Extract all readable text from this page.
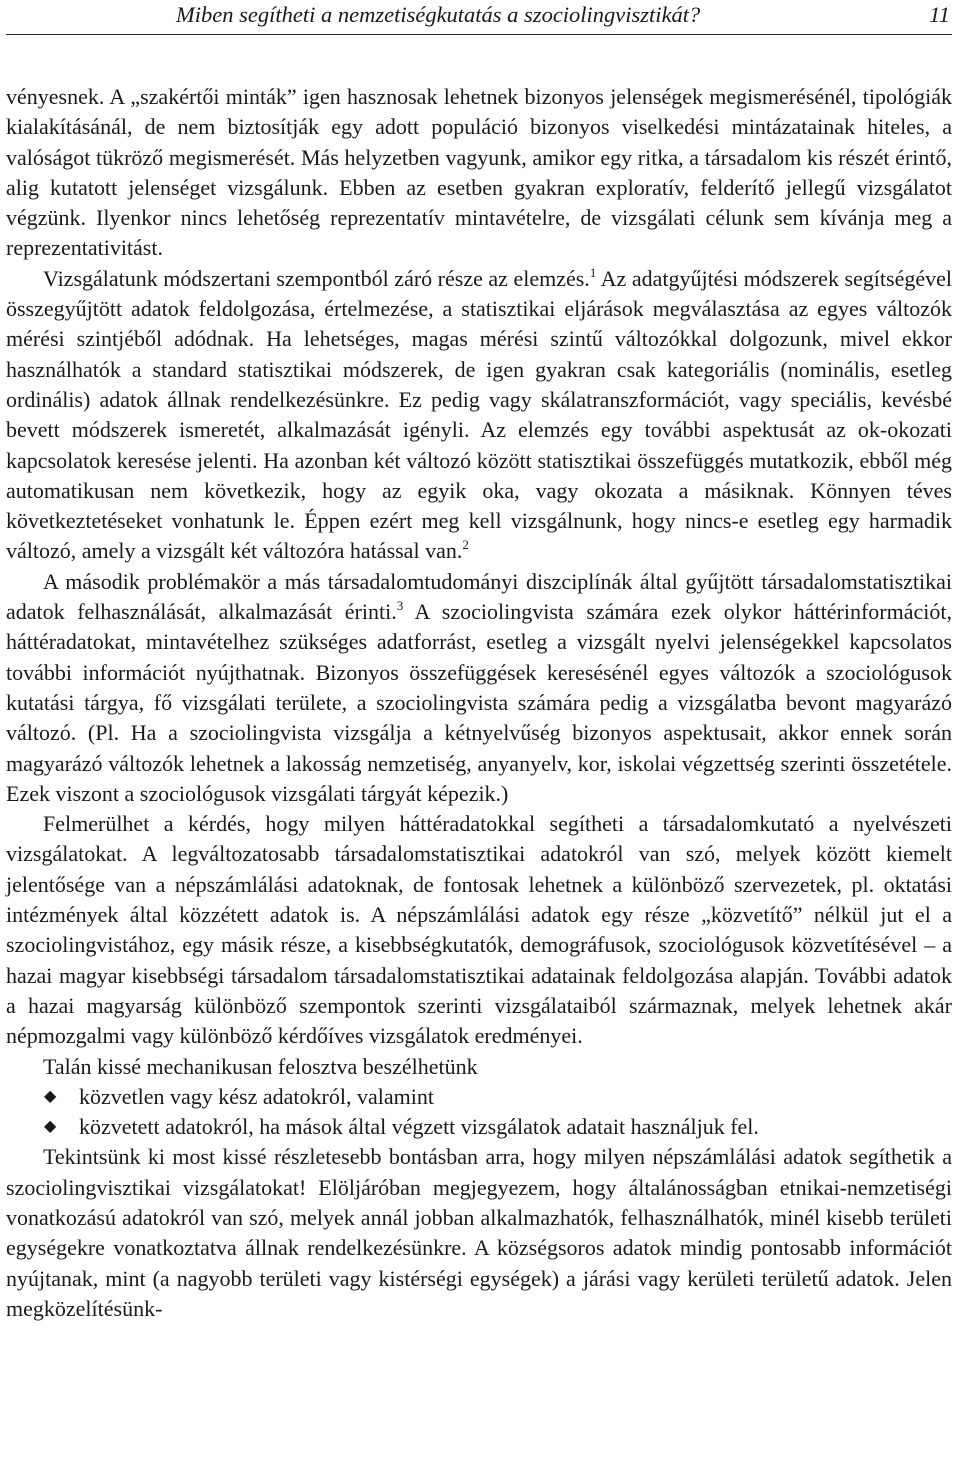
Miben segítheti a nemzetiségkutatás a szociolingvisztikát?	11

vényesnek. A „szakértői minták” igen hasznosak lehetnek bizonyos jelenségek megismerésénél, tipológiák kialakításánál, de nem biztosítják egy adott populáció bizonyos viselkedési mintázatainak hiteles, a valóságot tükröző megismerését. Más helyzetben vagyunk, amikor egy ritka, a társadalom kis részét érintő, alig kutatott jelenséget vizsgálunk. Ebben az esetben gyakran exploratív, felderítő jellegű vizsgálatot végzünk. Ilyenkor nincs lehetőség reprezentatív mintavételre, de vizsgálati célunk sem kívánja meg a reprezentativitást.

Vizsgálatunk módszertani szempontból záró része az elemzés.$^1$ Az adatgyűjtési módszerek segítségével összegyűjtött adatok feldolgozása, értelmezése, a statisztikai eljárások megválasztása az egyes változók mérési szintjéből adódnak. Ha lehetséges, magas mérési szintű változókkal dolgozunk, mivel ekkor használhatók a standard statisztikai módszerek, de igen gyakran csak kategoriális (nominális, esetleg ordinális) adatok állnak rendelkezésünkre. Ez pedig vagy skálatranszformációt, vagy speciális, kevésbé bevett módszerek ismeretét, alkalmazását igényli. Az elemzés egy további aspektusát az ok-okozati kapcsolatok keresése jelenti. Ha azonban két változó között statisztikai összefüggés mutatkozik, ebből még automatikusan nem következik, hogy az egyik oka, vagy okozata a másiknak. Könnyen téves következtetéseket vonhatunk le. Éppen ezért meg kell vizsgálnunk, hogy nincs-e esetleg egy harmadik változó, amely a vizsgált két változóra hatással van.$^2$

A második problémakör a más társadalomtudományi diszciplínák által gyűjtött társadalomstatisztikai adatok felhasználását, alkalmazását érinti.$^3$ A szociolingvista számára ezek olykor háttérinformációt, háttéradatokat, mintavételhez szükséges adatforrást, esetleg a vizsgált nyelvi jelenségekkel kapcsolatos további információt nyújthatnak. Bizonyos összefüggések keresésénél egyes változók a szociológusok kutatási tárgya, fő vizsgálati területe, a szociolingvista számára pedig a vizsgálatba bevont magyarázó változó. (Pl. Ha a szociolingvista vizsgálja a kétnyelvűség bizonyos aspektusait, akkor ennek során magyarázó változók lehetnek a lakosság nemzetiség, anyanyelv, kor, iskolai végzettség szerinti összetétele. Ezek viszont a szociológusok vizsgálati tárgyát képezik.)

Felmerülhet a kérdés, hogy milyen háttéradatokkal segítheti a társadalomkutató a nyelvészeti vizsgálatokat. A legváltozatosabb társadalomstatisztikai adatokról van szó, melyek között kiemelt jelentősége van a népszámlálási adatoknak, de fontosak lehetnek a különböző szervezetek, pl. oktatási intézmények által közzétett adatok is. A népszámlálási adatok egy része „közvetítő” nélkül jut el a szociolingvistához, egy másik része, a kisebbségkutatók, demográfusok, szociológusok közvetítésével – a hazai magyar kisebbségi társadalom társadalomstatisztikai adatainak feldolgozása alapján. További adatok a hazai magyarság különböző szempontok szerinti vizsgálataiból származnak, melyek lehetnek akár népmozgalmi vagy különböző kérdőíves vizsgálatok eredményei.

Talán kissé mechanikusan felosztva beszélhetünk

◆ közvetlen vagy kész adatokról, valamint
◆ közvetett adatokról, ha mások által végzett vizsgálatok adatait használjuk fel.

Tekintsünk ki most kissé részletesebb bontásban arra, hogy milyen népszámlálási adatok segíthetik a szociolingvisztikai vizsgálatokat! Elöljáróban megjegyezem, hogy általánosságban etnikai-nemzetiségi vonatkozású adatokról van szó, melyek annál jobban alkalmazhatók, felhasználhatók, minél kisebb területi egységekre vonatkoztatva állnak rendelkezésünkre. A községsoros adatok mindig pontosabb információt nyújtanak, mint (a nagyobb területi vagy kistérségi egységek) a járási vagy kerületi területű adatok. Jelen megközelítésünk-
